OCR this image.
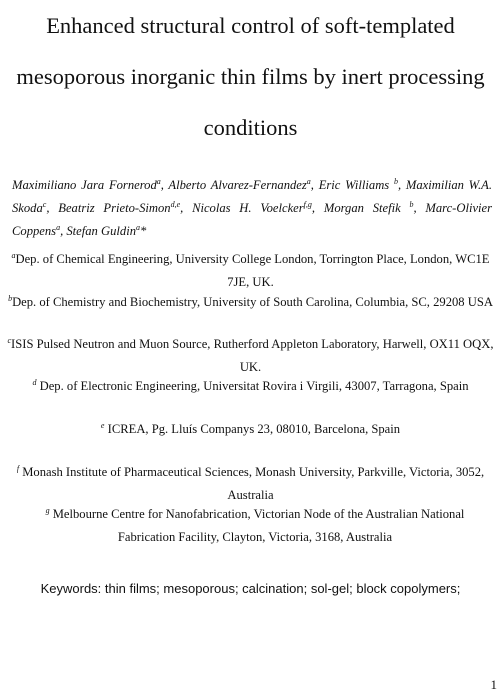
Enhanced structural control of soft-templated
mesoporous inorganic thin films by inert processing
conditions
Maximiliano Jara Fornerod$^a$, Alberto Alvarez-Fernandez$^a$, Eric Williams $^b$, Maximilian W.A. Skoda$^c$, Beatriz Prieto-Simon$^{d,e}$, Nicolas H. Voelcker$^{f,g}$, Morgan Stefik $^b$, Marc-Olivier Coppens$^a$, Stefan Guldin$^a$*
$^a$Dep. of Chemical Engineering, University College London, Torrington Place, London, WC1E 7JE, UK.
$^b$Dep. of Chemistry and Biochemistry, University of South Carolina, Columbia, SC, 29208 USA
$^c$ISIS Pulsed Neutron and Muon Source, Rutherford Appleton Laboratory, Harwell, OX11 OQX, UK.
$^d$ Dep. of Electronic Engineering, Universitat Rovira i Virgili, 43007, Tarragona, Spain
$^e$ ICREA, Pg. Lluís Companys 23, 08010, Barcelona, Spain
$^f$ Monash Institute of Pharmaceutical Sciences, Monash University, Parkville, Victoria, 3052, Australia
$^g$ Melbourne Centre for Nanofabrication, Victorian Node of the Australian National Fabrication Facility, Clayton, Victoria, 3168, Australia
Keywords: thin films; mesoporous; calcination; sol-gel; block copolymers;
1
